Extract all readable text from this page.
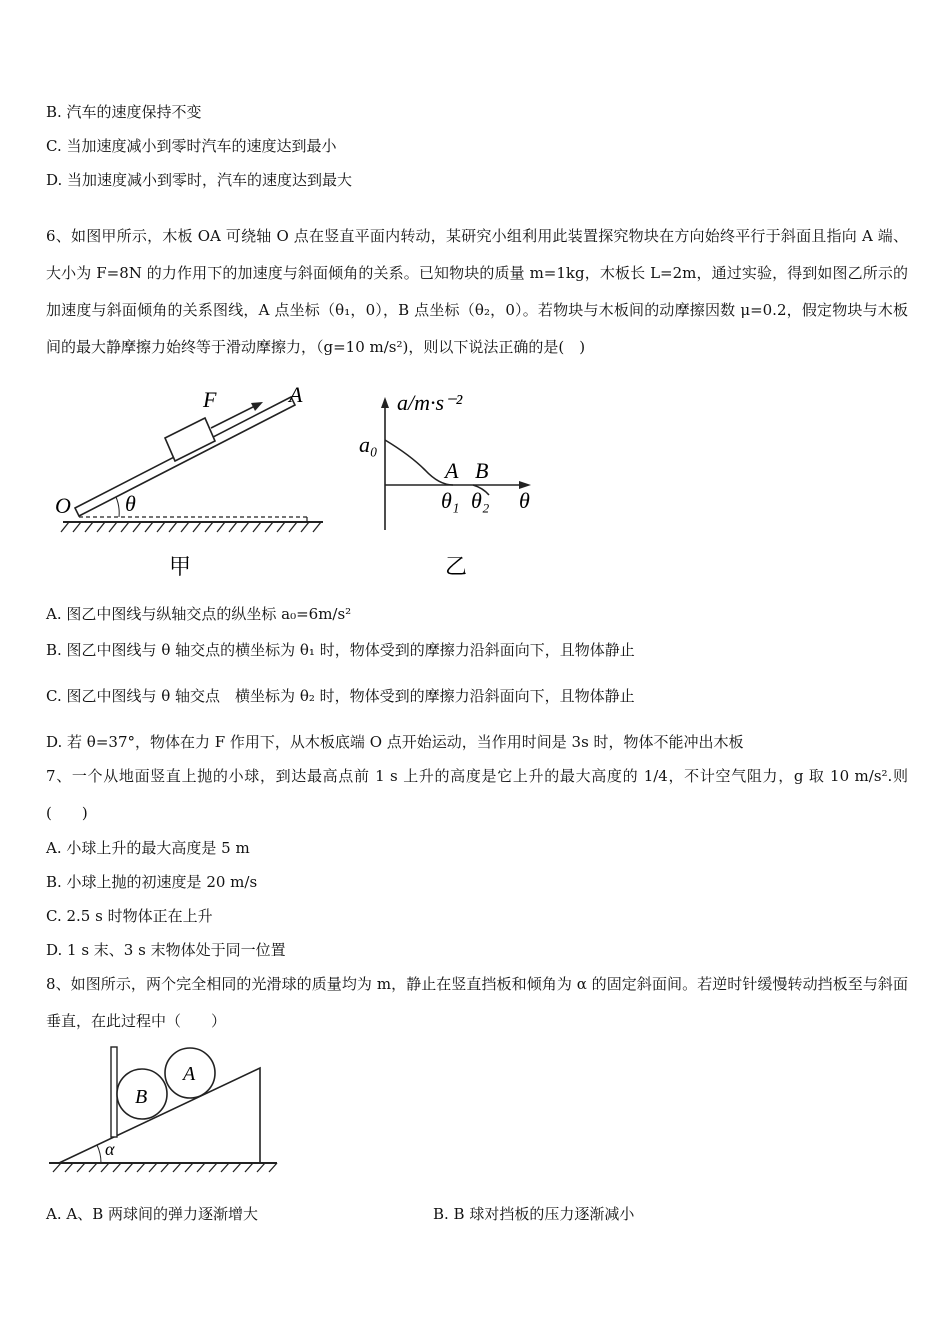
B. 汽车的速度保持不变
C. 当加速度减小到零时汽车的速度达到最小
D. 当加速度减小到零时，汽车的速度达到最大
6、如图甲所示，木板 OA 可绕轴 O 点在竖直平面内转动，某研究小组利用此装置探究物块在方向始终平行于斜面且指向 A 端、大小为 F=8N 的力作用下的加速度与斜面倾角的关系。已知物块的质量 m=1kg，木板长 L=2m，通过实验，得到如图乙所示的加速度与斜面倾角的关系图线，A 点坐标（θ₁，0），B 点坐标（θ₂，0）。若物块与木板间的动摩擦因数 μ=0.2，假定物块与木板间的最大静摩擦力始终等于滑动摩擦力，（g=10 m/s²)，则以下说法正确的是(　)
F	A
O θ
甲
a/m·s⁻²
a₀
A B
θ₁ θ₂ θ
乙
A. 图乙中图线与纵轴交点的纵坐标 a₀=6m/s²
B. 图乙中图线与 θ 轴交点的横坐标为 θ₁ 时，物体受到的摩擦力沿斜面向下，且物体静止
C. 图乙中图线与 θ 轴交点　横坐标为 θ₂ 时，物体受到的摩擦力沿斜面向下，且物体静止
D. 若 θ=37°，物体在力 F 作用下，从木板底端 O 点开始运动，当作用时间是 3s 时，物体不能冲出木板
7、一个从地面竖直上抛的小球，到达最高点前 1 s 上升的高度是它上升的最大高度的 1/4，不计空气阻力，g 取 10 m/s².则(　　)
A. 小球上升的最大高度是 5 m
B. 小球上抛的初速度是 20 m/s
C. 2.5 s 时物体正在上升
D. 1 s 末、3 s 末物体处于同一位置
8、如图所示，两个完全相同的光滑球的质量均为 m，静止在竖直挡板和倾角为 α 的固定斜面间。若逆时针缓慢转动挡板至与斜面垂直，在此过程中（　　）
B
A
α
A. A、B 两球间的弹力逐渐增大	B. B 球对挡板的压力逐渐减小
